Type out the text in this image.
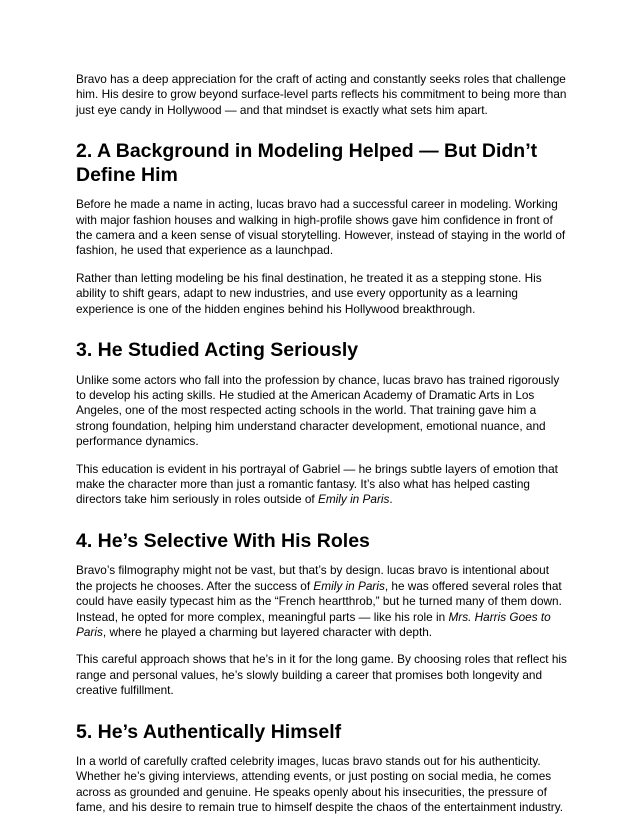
Bravo has a deep appreciation for the craft of acting and constantly seeks roles that challenge him. His desire to grow beyond surface-level parts reflects his commitment to being more than just eye candy in Hollywood — and that mindset is exactly what sets him apart.

2. A Background in Modeling Helped — But Didn’t Define Him

Before he made a name in acting, lucas bravo had a successful career in modeling. Working with major fashion houses and walking in high-profile shows gave him confidence in front of the camera and a keen sense of visual storytelling. However, instead of staying in the world of fashion, he used that experience as a launchpad.

Rather than letting modeling be his final destination, he treated it as a stepping stone. His ability to shift gears, adapt to new industries, and use every opportunity as a learning experience is one of the hidden engines behind his Hollywood breakthrough.

3. He Studied Acting Seriously

Unlike some actors who fall into the profession by chance, lucas bravo has trained rigorously to develop his acting skills. He studied at the American Academy of Dramatic Arts in Los Angeles, one of the most respected acting schools in the world. That training gave him a strong foundation, helping him understand character development, emotional nuance, and performance dynamics.

This education is evident in his portrayal of Gabriel — he brings subtle layers of emotion that make the character more than just a romantic fantasy. It’s also what has helped casting directors take him seriously in roles outside of Emily in Paris.

4. He’s Selective With His Roles

Bravo’s filmography might not be vast, but that’s by design. lucas bravo is intentional about the projects he chooses. After the success of Emily in Paris, he was offered several roles that could have easily typecast him as the “French heartthrob,” but he turned many of them down. Instead, he opted for more complex, meaningful parts — like his role in Mrs. Harris Goes to Paris, where he played a charming but layered character with depth.

This careful approach shows that he’s in it for the long game. By choosing roles that reflect his range and personal values, he’s slowly building a career that promises both longevity and creative fulfillment.

5. He’s Authentically Himself

In a world of carefully crafted celebrity images, lucas bravo stands out for his authenticity. Whether he’s giving interviews, attending events, or just posting on social media, he comes across as grounded and genuine. He speaks openly about his insecurities, the pressure of fame, and his desire to remain true to himself despite the chaos of the entertainment industry.
